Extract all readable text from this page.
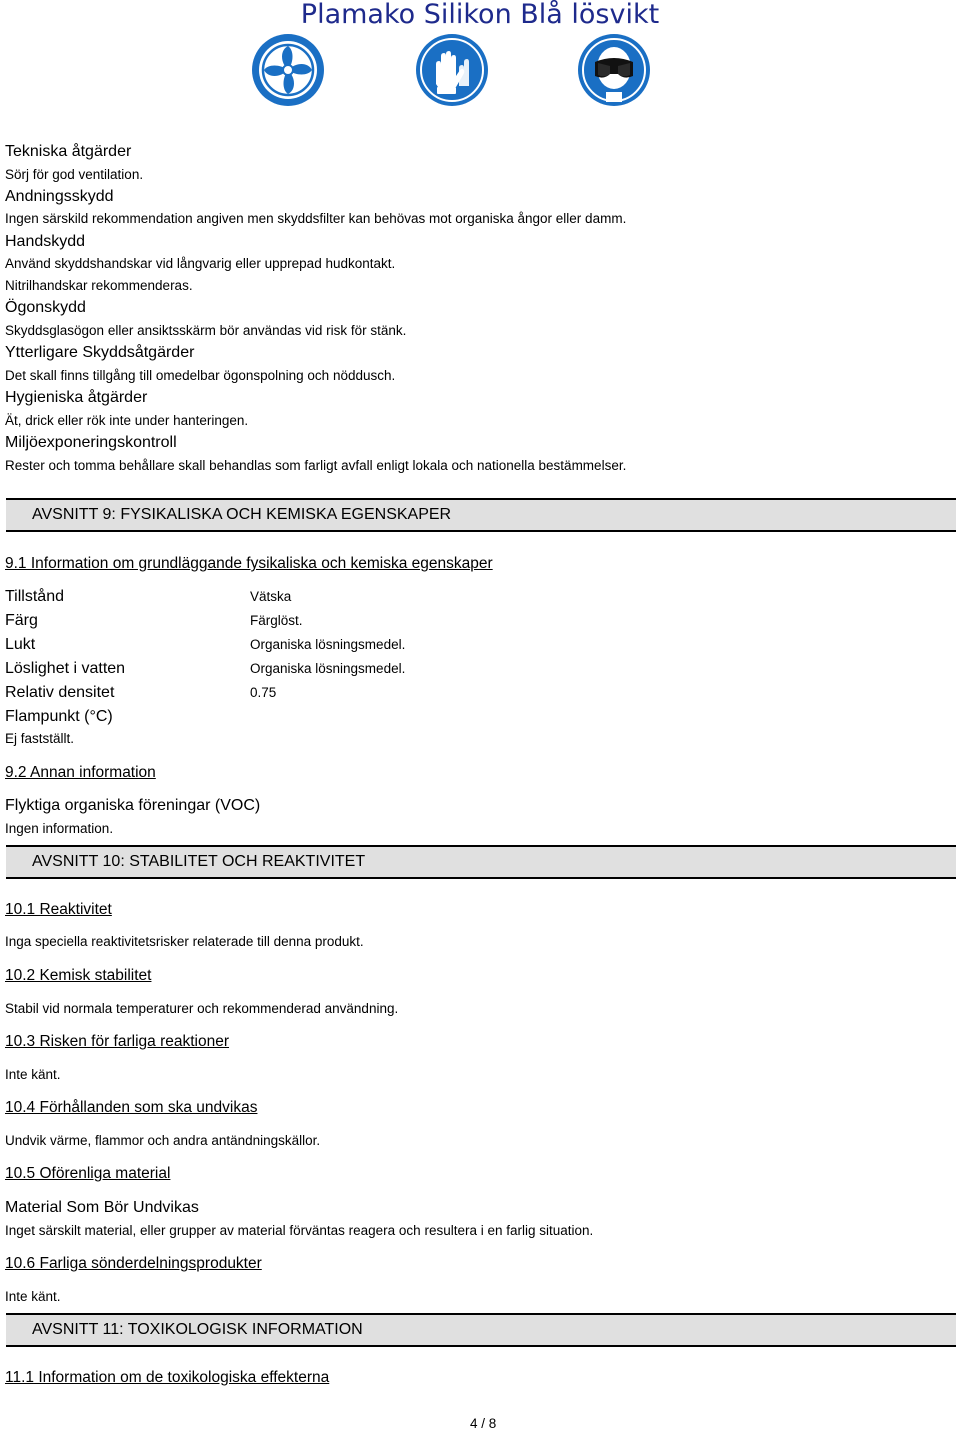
Plamako Silikon Blå lösvikt
Tekniska åtgärder
Sörj för god ventilation.
Andningsskydd
Ingen särskild rekommendation angiven men skyddsfilter kan behövas mot organiska ångor eller damm.
Handskydd
Använd skyddshandskar vid långvarig eller upprepad hudkontakt.
Nitrilhandskar rekommenderas.
Ögonskydd
Skyddsglasögon eller ansiktsskärm bör användas vid risk för stänk.
Ytterligare Skyddsåtgärder
Det skall finns tillgång till omedelbar ögonspolning och nöddusch.
Hygieniska åtgärder
Ät, drick eller rök inte under hanteringen.
Miljöexponeringskontroll
Rester och tomma behållare skall behandlas som farligt avfall enligt lokala och nationella bestämmelser.
AVSNITT 9: FYSIKALISKA OCH KEMISKA EGENSKAPER
9.1 Information om grundläggande fysikaliska och kemiska egenskaper
Tillstånd	Vätska
Färg	Färglöst.
Lukt	Organiska lösningsmedel.
Löslighet i vatten	Organiska lösningsmedel.
Relativ densitet	0.75
Flampunkt (°C)
Ej fastställt.
9.2 Annan information
Flyktiga organiska föreningar (VOC)
Ingen information.
AVSNITT 10: STABILITET OCH REAKTIVITET
10.1 Reaktivitet
Inga speciella reaktivitetsrisker relaterade till denna produkt.
10.2 Kemisk stabilitet
Stabil vid normala temperaturer och rekommenderad användning.
10.3 Risken för farliga reaktioner
Inte känt.
10.4 Förhållanden som ska undvikas
Undvik värme, flammor och andra antändningskällor.
10.5 Oförenliga material
Material Som Bör Undvikas
Inget särskilt material, eller grupper av material förväntas reagera och resultera i en farlig situation.
10.6 Farliga sönderdelningsprodukter
Inte känt.
AVSNITT 11: TOXIKOLOGISK INFORMATION
11.1 Information om de toxikologiska effekterna
4 / 8
